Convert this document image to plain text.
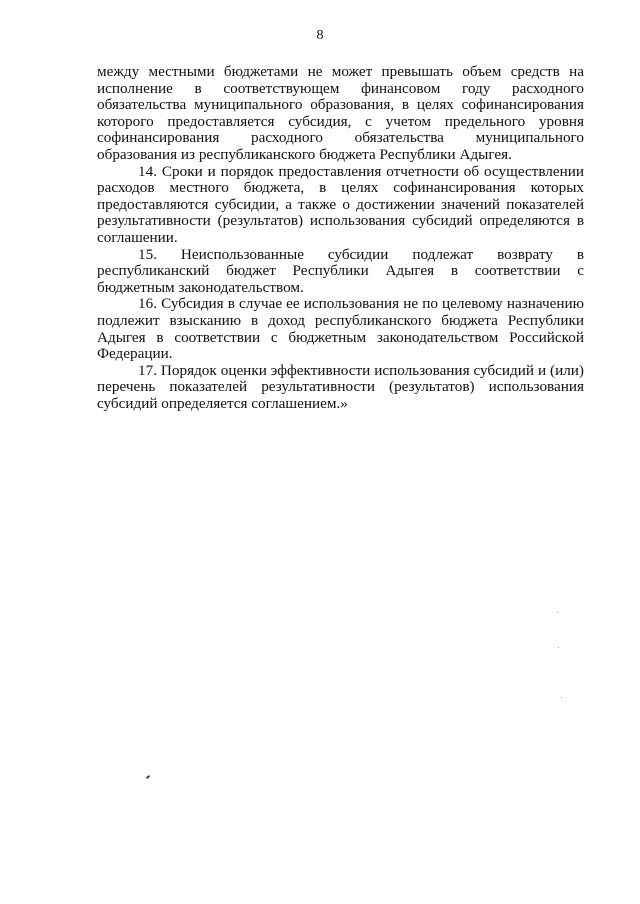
8

между местными бюджетами не может превышать объем средств на исполнение в соответствующем финансовом году расходного обязательства муниципального образования, в целях софинансирования которого предоставляется субсидия, с учетом предельного уровня софинансирования расходного обязательства муниципального образования из республиканского бюджета Республики Адыгея.

14. Сроки и порядок предоставления отчетности об осуществлении расходов местного бюджета, в целях софинансирования которых предоставляются субсидии, а также о достижении значений показателей результативности (результатов) использования субсидий определяются в соглашении.

15. Неиспользованные субсидии подлежат возврату в республиканский бюджет Республики Адыгея в соответствии с бюджетным законодательством.

16. Субсидия в случае ее использования не по целевому назначению подлежит взысканию в доход республиканского бюджета Республики Адыгея в соответствии с бюджетным законодательством Российской Федерации.

17. Порядок оценки эффективности использования субсидий и (или) перечень показателей результативности (результатов) использования субсидий определяется соглашением.»
